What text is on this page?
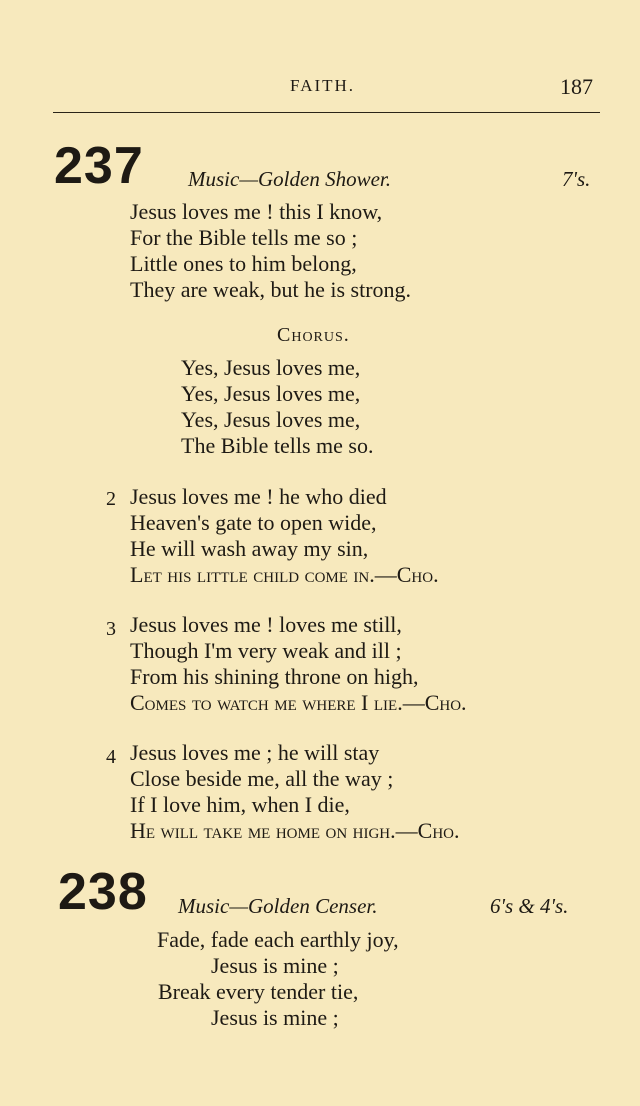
FAITH.	187
237 Music—Golden Shower.	7's.
Jesus loves me ! this I know,
For the Bible tells me so ;
Little ones to him belong,
They are weak, but he is strong.
Chorus.
Yes, Jesus loves me,
Yes, Jesus loves me,
Yes, Jesus loves me,
The Bible tells me so.
2 Jesus loves me ! he who died
Heaven's gate to open wide,
He will wash away my sin,
Let his little child come in.—Cho.
3 Jesus loves me ! loves me still,
Though I'm very weak and ill ;
From his shining throne on high,
Comes to watch me where I lie.—Cho.
4 Jesus loves me ; he will stay
Close beside me, all the way ;
If I love him, when I die,
He will take me home on high.—Cho.
238 Music—Golden Censer.	6's & 4's.
Fade, fade each earthly joy,
Jesus is mine ;
Break every tender tie,
Jesus is mine ;
